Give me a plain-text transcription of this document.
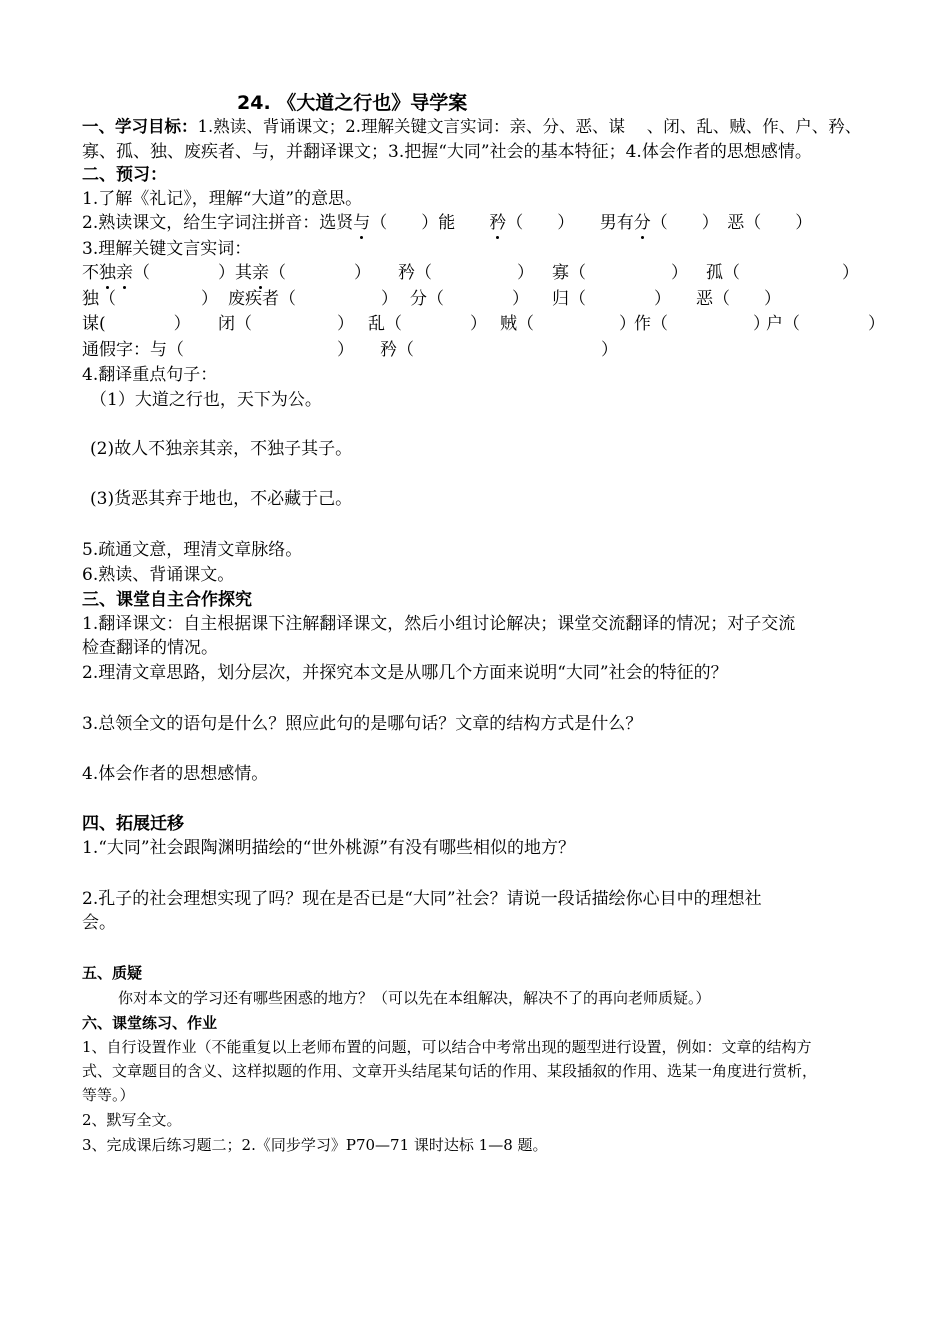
24. 《大道之行也》导学案
一、学习目标：1.熟读、背诵课文；2.理解关键文言实词：亲、分、恶、谋 　、闭、乱、贼、作、户、矜、
寡、孤、独、废疾者、与，并翻译课文；3.把握“大同”社会的基本特征；4.体会作者的思想感情。
二、预习：
1.了解《礼记》，理解“大道”的意思。
2.熟读课文，给生字词注拼音：选贤与（　　）能　　矜（　　）　　男有分（　　）　恶（　　）
3.理解关键文言实词：
不独亲（　　　　）其亲（　　　　） 矜（　　　　　） 寡（　　　　　） 孤（　　　　　　）
独（　　　　　） 废疾者（　　　　　） 分（　　　　） 归（　　　　） 恶（　　）
谋(　　　　） 闭（　　　　　） 乱（　　　　） 贼（　　　　　）
作（　　　　　）
户（　　　　）
通假字：与（　　　　　　　　　） 矜（　　　　　　　　　　　）
4.翻译重点句子：
（1）大道之行也，天下为公。
(2)故人不独亲其亲，不独子其子。
(3)货恶其弃于地也，不必藏于己。
5.疏通文意，理清文章脉络。
6.熟读、背诵课文。
三、课堂自主合作探究
1.翻译课文：自主根据课下注解翻译课文，然后小组讨论解决；课堂交流翻译的情况；对子交流
检查翻译的情况。
2.理清文章思路，划分层次，并探究本文是从哪几个方面来说明“大同”社会的特征的？
3.总领全文的语句是什么？照应此句的是哪句话？文章的结构方式是什么？
4.体会作者的思想感情。
四、拓展迁移
1.“大同”社会跟陶渊明描绘的“世外桃源”有没有哪些相似的地方？
2.孔子的社会理想实现了吗？现在是否已是“大同”社会？请说一段话描绘你心目中的理想社
会。
五、质疑
你对本文的学习还有哪些困惑的地方？（可以先在本组解决，解决不了的再向老师质疑。）
六、课堂练习、作业
1、自行设置作业（不能重复以上老师布置的问题，可以结合中考常出现的题型进行设置，例如：文章的结构方
式、文章题目的含义、这样拟题的作用、文章开头结尾某句话的作用、某段插叙的作用、选某一角度进行赏析，
等等。）
2、默写全文。
3、完成课后练习题二；2.《同步学习》P70—71 课时达标 1—8 题。
